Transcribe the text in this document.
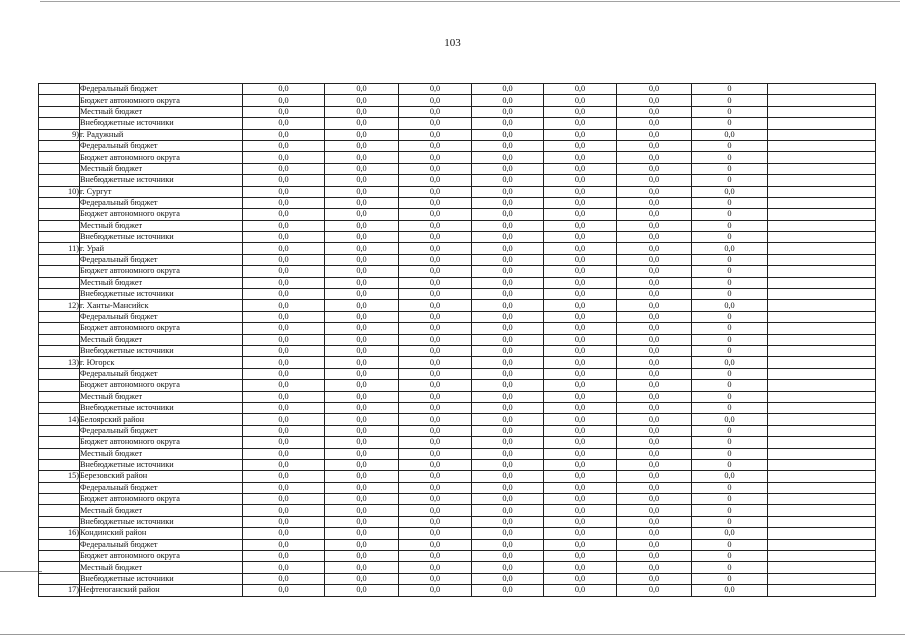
103
	Федеральный бюджет	0,0	0,0	0,0	0,0	0,0	0,0	0	
	Бюджет автономного округа	0,0	0,0	0,0	0,0	0,0	0,0	0	
	Местный бюджет	0,0	0,0	0,0	0,0	0,0	0,0	0	
	Внебюджетные источники	0,0	0,0	0,0	0,0	0,0	0,0	0	
9)	г. Радужный	0,0	0,0	0,0	0,0	0,0	0,0	0,0	
	Федеральный бюджет	0,0	0,0	0,0	0,0	0,0	0,0	0	
	Бюджет автономного округа	0,0	0,0	0,0	0,0	0,0	0,0	0	
	Местный бюджет	0,0	0,0	0,0	0,0	0,0	0,0	0	
	Внебюджетные источники	0,0	0,0	0,0	0,0	0,0	0,0	0	
10)	г. Сургут	0,0	0,0	0,0	0,0	0,0	0,0	0,0	
	Федеральный бюджет	0,0	0,0	0,0	0,0	0,0	0,0	0	
	Бюджет автономного округа	0,0	0,0	0,0	0,0	0,0	0,0	0	
	Местный бюджет	0,0	0,0	0,0	0,0	0,0	0,0	0	
	Внебюджетные источники	0,0	0,0	0,0	0,0	0,0	0,0	0	
11)	г. Урай	0,0	0,0	0,0	0,0	0,0	0,0	0,0	
	Федеральный бюджет	0,0	0,0	0,0	0,0	0,0	0,0	0	
	Бюджет автономного округа	0,0	0,0	0,0	0,0	0,0	0,0	0	
	Местный бюджет	0,0	0,0	0,0	0,0	0,0	0,0	0	
	Внебюджетные источники	0,0	0,0	0,0	0,0	0,0	0,0	0	
12)	г. Ханты-Мансийск	0,0	0,0	0,0	0,0	0,0	0,0	0,0	
	Федеральный бюджет	0,0	0,0	0,0	0,0	0,0	0,0	0	
	Бюджет автономного округа	0,0	0,0	0,0	0,0	0,0	0,0	0	
	Местный бюджет	0,0	0,0	0,0	0,0	0,0	0,0	0	
	Внебюджетные источники	0,0	0,0	0,0	0,0	0,0	0,0	0	
13)	г. Югорск	0,0	0,0	0,0	0,0	0,0	0,0	0,0	
	Федеральный бюджет	0,0	0,0	0,0	0,0	0,0	0,0	0	
	Бюджет автономного округа	0,0	0,0	0,0	0,0	0,0	0,0	0	
	Местный бюджет	0,0	0,0	0,0	0,0	0,0	0,0	0	
	Внебюджетные источники	0,0	0,0	0,0	0,0	0,0	0,0	0	
14)	Белоярский район	0,0	0,0	0,0	0,0	0,0	0,0	0,0	
	Федеральный бюджет	0,0	0,0	0,0	0,0	0,0	0,0	0	
	Бюджет автономного округа	0,0	0,0	0,0	0,0	0,0	0,0	0	
	Местный бюджет	0,0	0,0	0,0	0,0	0,0	0,0	0	
	Внебюджетные источники	0,0	0,0	0,0	0,0	0,0	0,0	0	
15)	Березовский район	0,0	0,0	0,0	0,0	0,0	0,0	0,0	
	Федеральный бюджет	0,0	0,0	0,0	0,0	0,0	0,0	0	
	Бюджет автономного округа	0,0	0,0	0,0	0,0	0,0	0,0	0	
	Местный бюджет	0,0	0,0	0,0	0,0	0,0	0,0	0	
	Внебюджетные источники	0,0	0,0	0,0	0,0	0,0	0,0	0	
16)	Кондинский район	0,0	0,0	0,0	0,0	0,0	0,0	0,0	
	Федеральный бюджет	0,0	0,0	0,0	0,0	0,0	0,0	0	
	Бюджет автономного округа	0,0	0,0	0,0	0,0	0,0	0,0	0	
	Местный бюджет	0,0	0,0	0,0	0,0	0,0	0,0	0	
	Внебюджетные источники	0,0	0,0	0,0	0,0	0,0	0,0	0	
17)	Нефтеюганский район	0,0	0,0	0,0	0,0	0,0	0,0	0,0	
